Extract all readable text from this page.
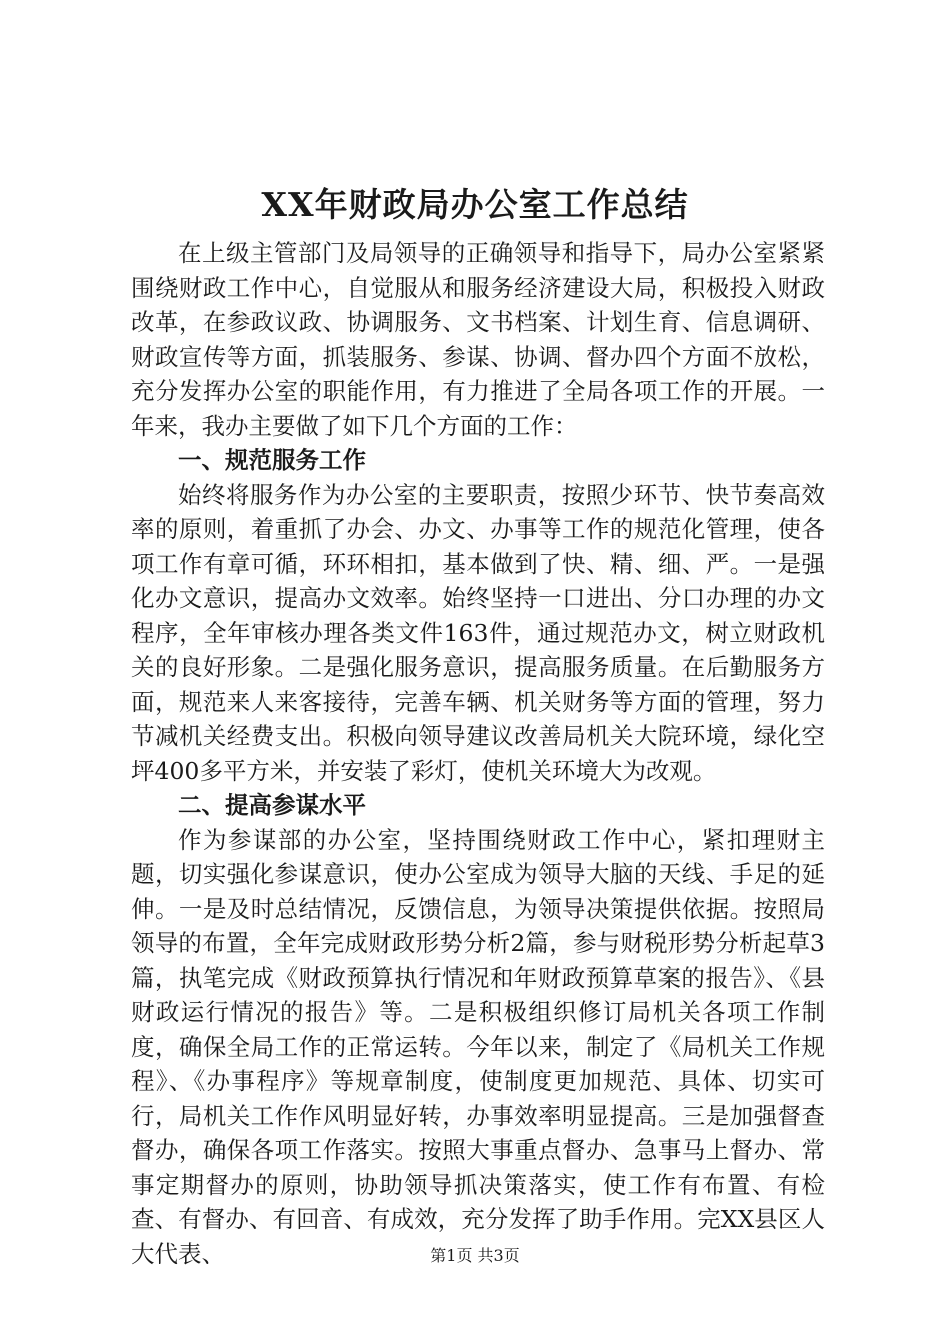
XX年财政局办公室工作总结

在上级主管部门及局领导的正确领导和指导下，局办公室紧紧围绕财政工作中心，自觉服从和服务经济建设大局，积极投入财政改革，在参政议政、协调服务、文书档案、计划生育、信息调研、财政宣传等方面，抓装服务、参谋、协调、督办四个方面不放松，充分发挥办公室的职能作用，有力推进了全局各项工作的开展。一年来，我办主要做了如下几个方面的工作：

一、规范服务工作

始终将服务作为办公室的主要职责，按照少环节、快节奏高效率的原则，着重抓了办会、办文、办事等工作的规范化管理，使各项工作有章可循，环环相扣，基本做到了快、精、细、严。一是强化办文意识，提高办文效率。始终坚持一口进出、分口办理的办文程序，全年审核办理各类文件163件，通过规范办文，树立财政机关的良好形象。二是强化服务意识，提高服务质量。在后勤服务方面，规范来人来客接待，完善车辆、机关财务等方面的管理，努力节减机关经费支出。积极向领导建议改善局机关大院环境，绿化空坪400多平方米，并安装了彩灯，使机关环境大为改观。

二、提高参谋水平

作为参谋部的办公室，坚持围绕财政工作中心，紧扣理财主题，切实强化参谋意识，使办公室成为领导大脑的天线、手足的延伸。一是及时总结情况，反馈信息，为领导决策提供依据。按照局领导的布置，全年完成财政形势分析2篇，参与财税形势分析起草3篇，执笔完成《财政预算执行情况和年财政预算草案的报告》、《县财政运行情况的报告》等。二是积极组织修订局机关各项工作制度，确保全局工作的正常运转。今年以来，制定了《局机关工作规程》、《办事程序》等规章制度，使制度更加规范、具体、切实可行，局机关工作作风明显好转，办事效率明显提高。三是加强督查督办，确保各项工作落实。按照大事重点督办、急事马上督办、常事定期督办的原则，协助领导抓决策落实，使工作有布置、有检查、有督办、有回音、有成效，充分发挥了助手作用。完XX县区人大代表、	第1页 共3页
